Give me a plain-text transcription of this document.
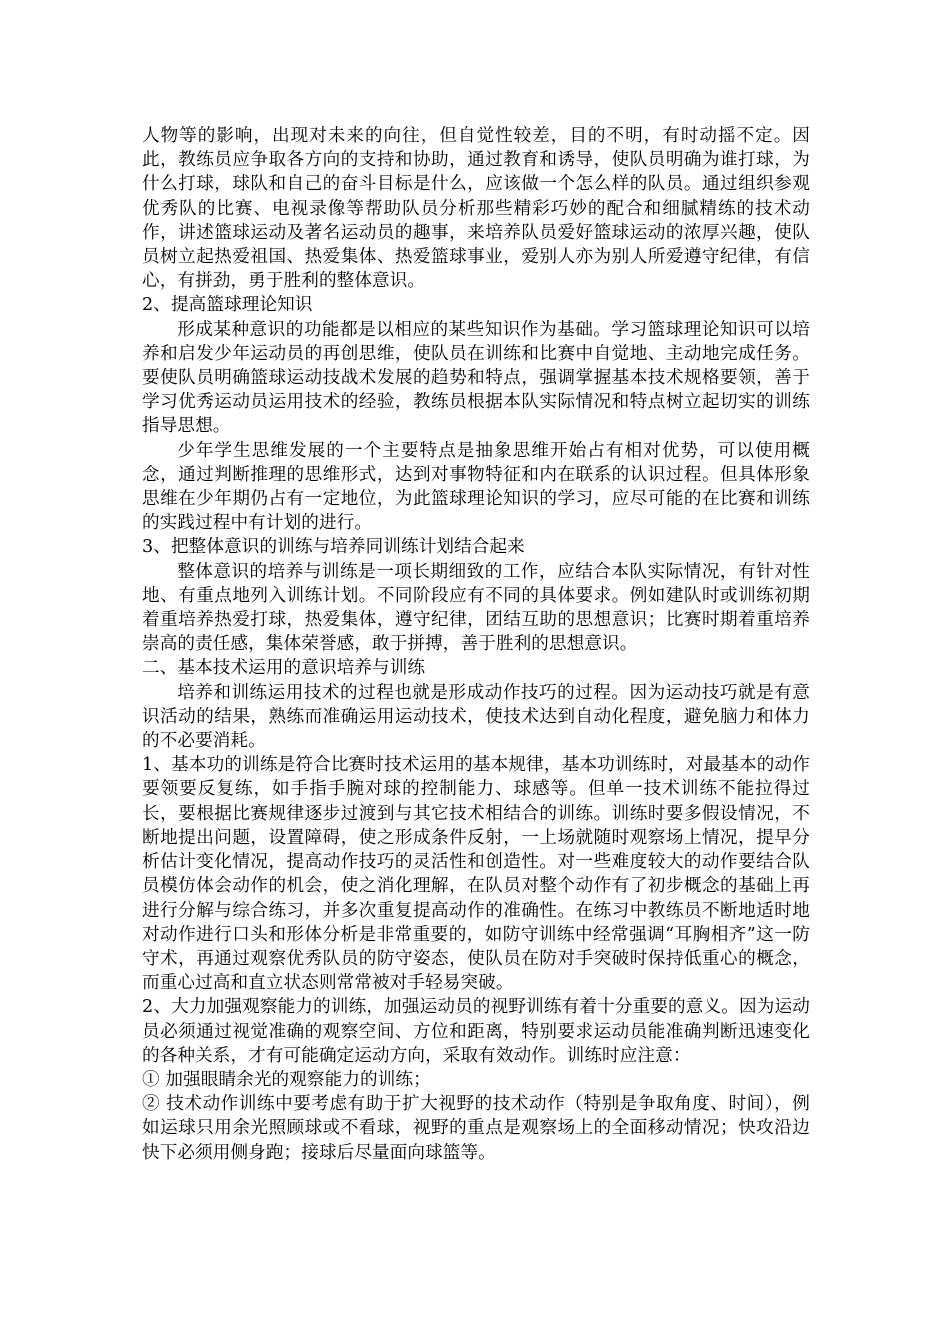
人物等的影响，出现对未来的向往，但自觉性较差，目的不明，有时动摇不定。因此，教练员应争取各方向的支持和协助，通过教育和诱导，使队员明确为谁打球，为什么打球，球队和自己的奋斗目标是什么，应该做一个怎么样的队员。通过组织参观优秀队的比赛、电视录像等帮助队员分析那些精彩巧妙的配合和细腻精练的技术动作，讲述篮球运动及著名运动员的趣事，来培养队员爱好篮球运动的浓厚兴趣，使队员树立起热爱祖国、热爱集体、热爱篮球事业，爱别人亦为别人所爱遵守纪律，有信心，有拼劲，勇于胜利的整体意识。

2、提高篮球理论知识

形成某种意识的功能都是以相应的某些知识作为基础。学习篮球理论知识可以培养和启发少年运动员的再创思维，使队员在训练和比赛中自觉地、主动地完成任务。要使队员明确篮球运动技战术发展的趋势和特点，强调掌握基本技术规格要领，善于学习优秀运动员运用技术的经验，教练员根据本队实际情况和特点树立起切实的训练指导思想。

少年学生思维发展的一个主要特点是抽象思维开始占有相对优势，可以使用概念，通过判断推理的思维形式，达到对事物特征和内在联系的认识过程。但具体形象思维在少年期仍占有一定地位，为此篮球理论知识的学习，应尽可能的在比赛和训练的实践过程中有计划的进行。

3、把整体意识的训练与培养同训练计划结合起来

整体意识的培养与训练是一项长期细致的工作，应结合本队实际情况，有针对性地、有重点地列入训练计划。不同阶段应有不同的具体要求。例如建队时或训练初期着重培养热爱打球，热爱集体，遵守纪律，团结互助的思想意识；比赛时期着重培养崇高的责任感，集体荣誉感，敢于拼搏，善于胜利的思想意识。

二、基本技术运用的意识培养与训练

培养和训练运用技术的过程也就是形成动作技巧的过程。因为运动技巧就是有意识活动的结果，熟练而准确运用运动技术，使技术达到自动化程度，避免脑力和体力的不必要消耗。

1、基本功的训练是符合比赛时技术运用的基本规律，基本功训练时，对最基本的动作要领要反复练，如手指手腕对球的控制能力、球感等。但单一技术训练不能拉得过长，要根据比赛规律逐步过渡到与其它技术相结合的训练。训练时要多假设情况，不断地提出问题，设置障碍，使之形成条件反射，一上场就随时观察场上情况，提早分析估计变化情况，提高动作技巧的灵活性和创造性。对一些难度较大的动作要结合队员模仿体会动作的机会，使之消化理解，在队员对整个动作有了初步概念的基础上再进行分解与综合练习，并多次重复提高动作的准确性。在练习中教练员不断地适时地对动作进行口头和形体分析是非常重要的，如防守训练中经常强调“耳胸相齐”这一防守术，再通过观察优秀队员的防守姿态，使队员在防对手突破时保持低重心的概念，而重心过高和直立状态则常常被对手轻易突破。

2、大力加强观察能力的训练，加强运动员的视野训练有着十分重要的意义。因为运动员必须通过视觉准确的观察空间、方位和距离，特别要求运动员能准确判断迅速变化的各种关系，才有可能确定运动方向，采取有效动作。训练时应注意：

① 加强眼睛余光的观察能力的训练；

② 技术动作训练中要考虑有助于扩大视野的技术动作（特别是争取角度、时间），例如运球只用余光照顾球或不看球，视野的重点是观察场上的全面移动情况；快攻沿边快下必须用侧身跑；接球后尽量面向球篮等。
